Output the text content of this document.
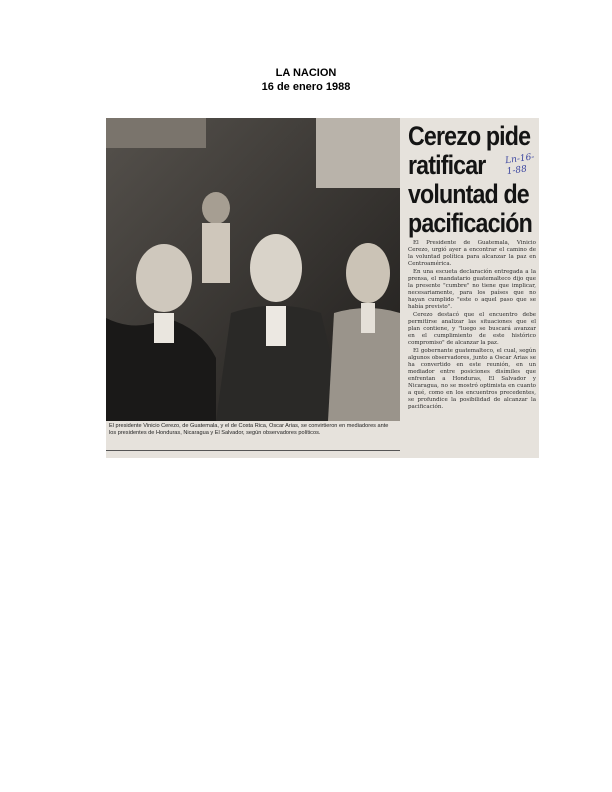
LA NACION
16 de enero 1988
El presidente Vinicio Cerezo, de Guatemala, y el de Costa Rica, Oscar Arias, se convirtieron en mediadores ante los presidentes de Honduras, Nicaragua y El Salvador, según observadores políticos.
Cerezo pide
ratificar
voluntad de
pacificación
Ln-16-
1-88

El Presidente de Guatemala, Vinicio Cerezo, urgió ayer a encontrar el camino de la voluntad política para alcanzar la paz en Centroamérica.

En una escueta declaración entregada a la prensa, el mandatario guatemalteco dijo que la presente "cumbre" no tiene que implicar, necesariamente, para los países que no hayan cumplido "este o aquel paso que se había previsto".

Cerezo destacó que el encuentro debe permitirse analizar las situaciones que el plan contiene, y "luego se buscará avanzar en el cumplimiento de este histórico compromiso" de alcanzar la paz.

El gobernante guatemalteco, el cual, según algunos observadores, junto a Oscar Arias se ha convertido en este reunión, en un mediador entre posiciones disímiles que enfrentan a Honduras, El Salvador y Nicaragua, no se mostró optimista en cuanto a qué, como en los encuentros precedentes, se profundice la posibilidad de alcanzar la pacificación.
